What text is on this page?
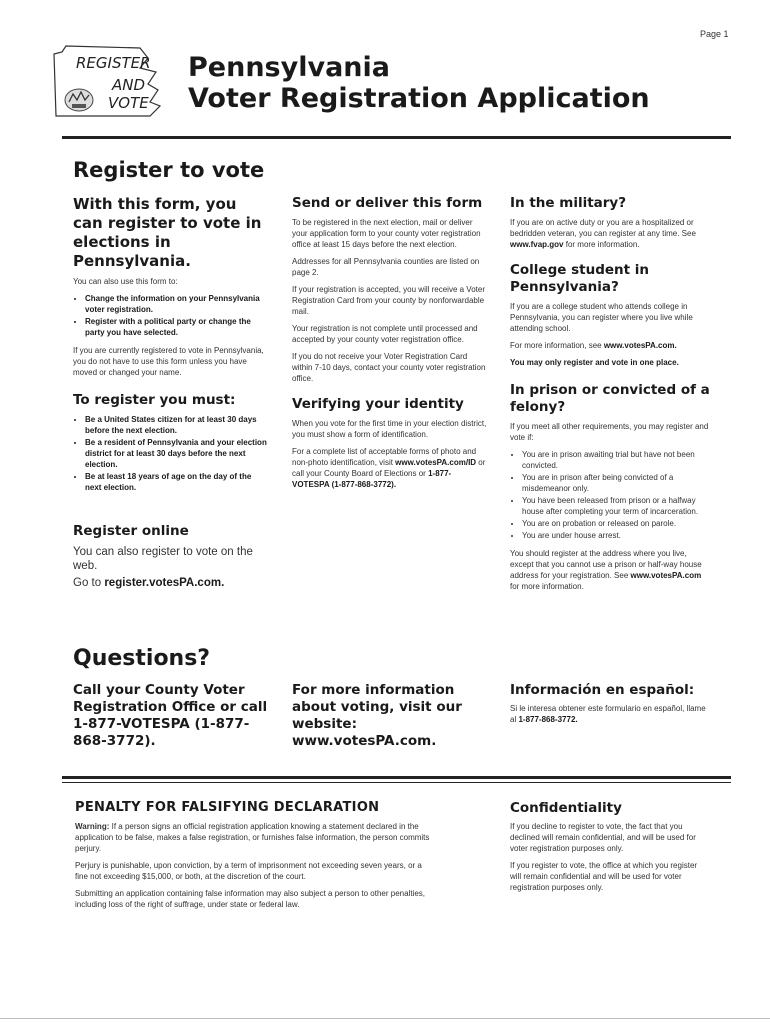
Page 1
REGISTER
AND
VOTE
Pennsylvania
Voter Registration Application
Register to vote
With this form, you can register to vote in elections in Pennsylvania.

You can also use this form to:

• Change the information on your Pennsylvania voter registration.
• Register with a political party or change the party you have selected.

If you are currently registered to vote in Pennsylvania, you do not have to use this form unless you have moved or changed your name.

To register you must:
• Be a United States citizen for at least 30 days before the next election.
• Be a resident of Pennsylvania and your election district for at least 30 days before the next election.
• Be at least 18 years of age on the day of the next election.
Register online
You can also register to vote on the web.
Go to register.votesPA.com.
Send or deliver this form

To be registered in the next election, mail or deliver your application form to your county voter registration office at least 15 days before the next election.

Addresses for all Pennsylvania counties are listed on page 2.

If your registration is accepted, you will receive a Voter Registration Card from your county by nonforwardable mail.

Your registration is not complete until processed and accepted by your county voter registration office.

If you do not receive your Voter Registration Card within 7-10 days, contact your county voter registration office.

Verifying your identity

When you vote for the first time in your election district, you must show a form of identification.

For a complete list of acceptable forms of photo and non-photo identification, visit www.votesPA.com/ID or call your County Board of Elections or 1-877-VOTESPA (1-877-868-3772).

In the military?

If you are on active duty or you are a hospitalized or bedridden veteran, you can register at any time. See www.fvap.gov for more information.

College student in Pennsylvania?

If you are a college student who attends college in Pennsylvania, you can register where you live while attending school.

For more information, see www.votesPA.com.

You may only register and vote in one place.

In prison or convicted of a felony?

If you meet all other requirements, you may register and vote if:

• You are in prison awaiting trial but have not been convicted.
• You are in prison after being convicted of a misdemeanor only.
• You have been released from prison or a halfway house after completing your term of incarceration.
• You are on probation or released on parole.
• You are under house arrest.

You should register at the address where you live, except that you cannot use a prison or half-way house address for your registration. See www.votesPA.com for more information.

Questions?
Call your County Voter Registration Office or call 1-877-VOTESPA (1-877-868-3772).
For more information about voting, visit our website: www.votesPA.com.
Información en español:

Si le interesa obtener este formulario en español, llame al 1-877-868-3772.

PENALTY FOR FALSIFYING DECLARATION

Warning: If a person signs an official registration application knowing a statement declared in the application to be false, makes a false registration, or furnishes false information, the person commits perjury.

Perjury is punishable, upon conviction, by a term of imprisonment not exceeding seven years, or a fine not exceeding $15,000, or both, at the discretion of the court.

Submitting an application containing false information may also subject a person to other penalties, including loss of the right of suffrage, under state or federal law.

Confidentiality

If you decline to register to vote, the fact that you declined will remain confidential, and will be used for voter registration purposes only.

If you register to vote, the office at which you register will remain confidential and will be used for voter registration purposes only.
